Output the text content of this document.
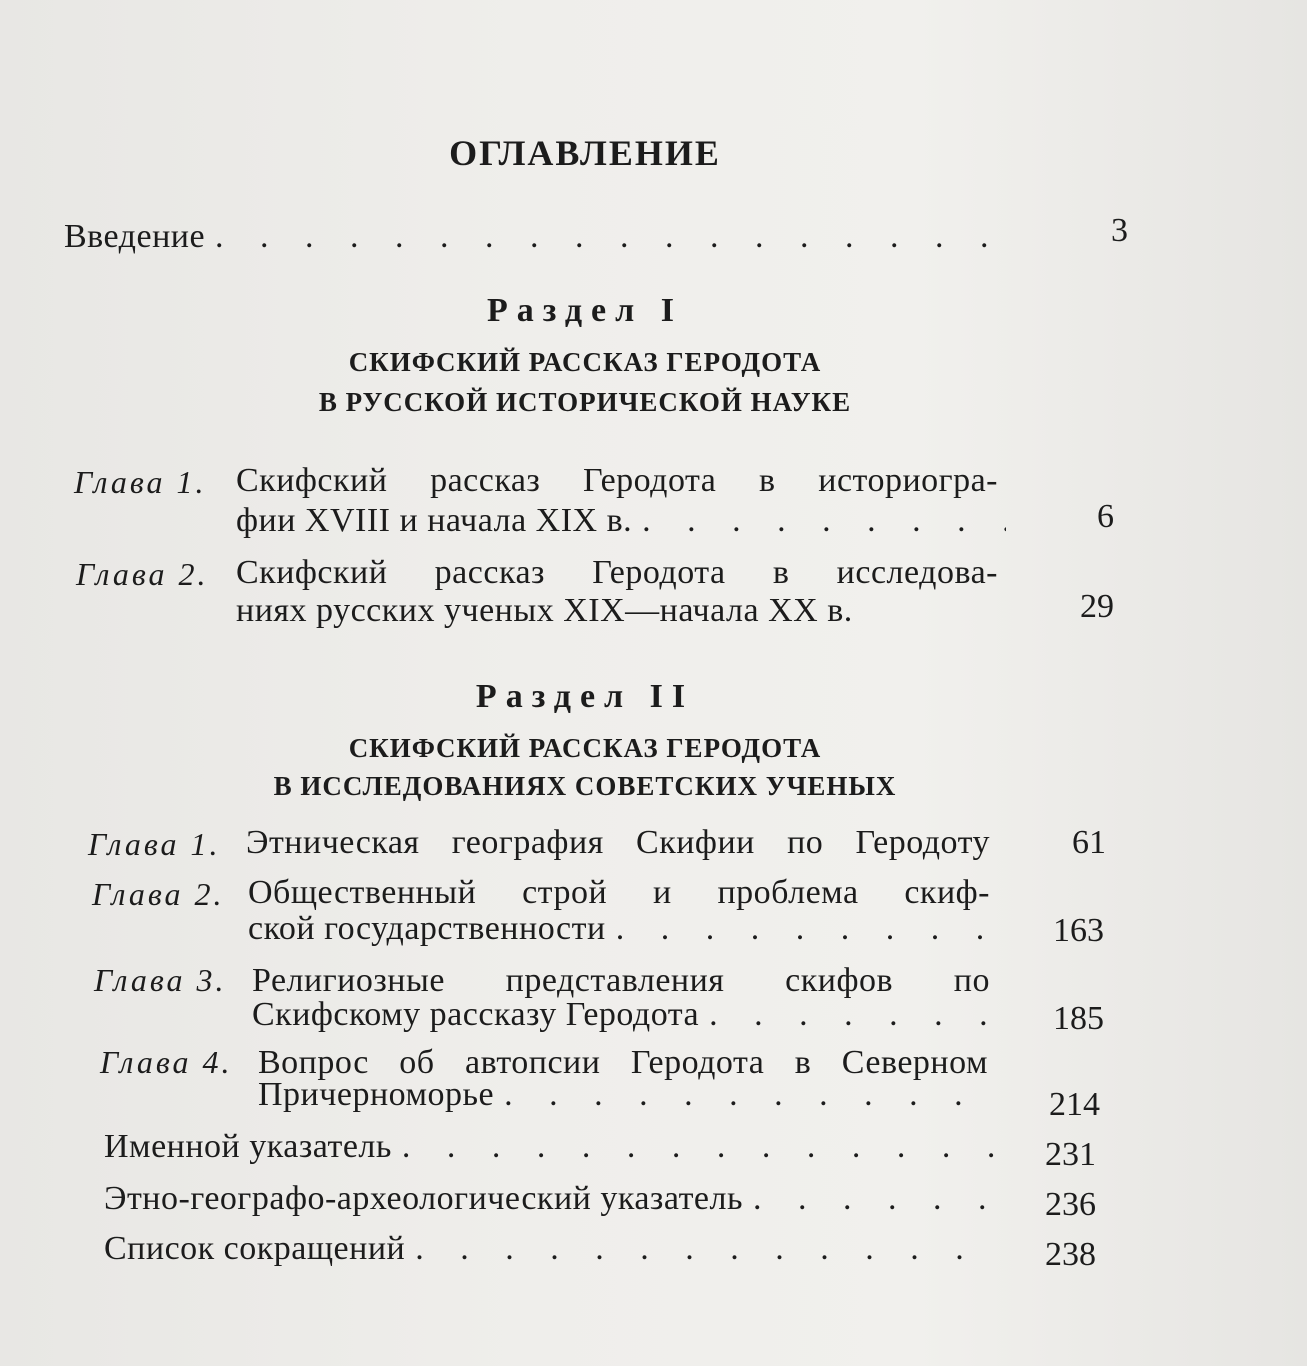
ОГЛАВЛЕНИЕ
Введение . . .	3
Раздел I
СКИФСКИЙ РАССКАЗ ГЕРОДОТА
В РУССКОЙ ИСТОРИЧЕСКОЙ НАУКЕ
Глава 1. Скифский рассказ Геродота в историогра-
фии XVIII и начала XIX в. . . .	6
Глава 2. Скифский рассказ Геродота в исследова-
ниях русских ученых XIX—начала XX в.	29
Раздел II
СКИФСКИЙ РАССКАЗ ГЕРОДОТА
В ИССЛЕДОВАНИЯХ СОВЕТСКИХ УЧЕНЫХ
Глава 1. Этническая география Скифии по Геродоту	61
Глава 2. Общественный строй и проблема скиф-
ской государственности . . .	163
Глава 3. Религиозные представления скифов по
Скифскому рассказу Геродота . . .	185
Глава 4. Вопрос об автопсии Геродота в Северном
Причерноморье . . .	214
Именной указатель . . .	231
Этно-географо-археологический указатель . . .	236
Список сокращений . . .	238
